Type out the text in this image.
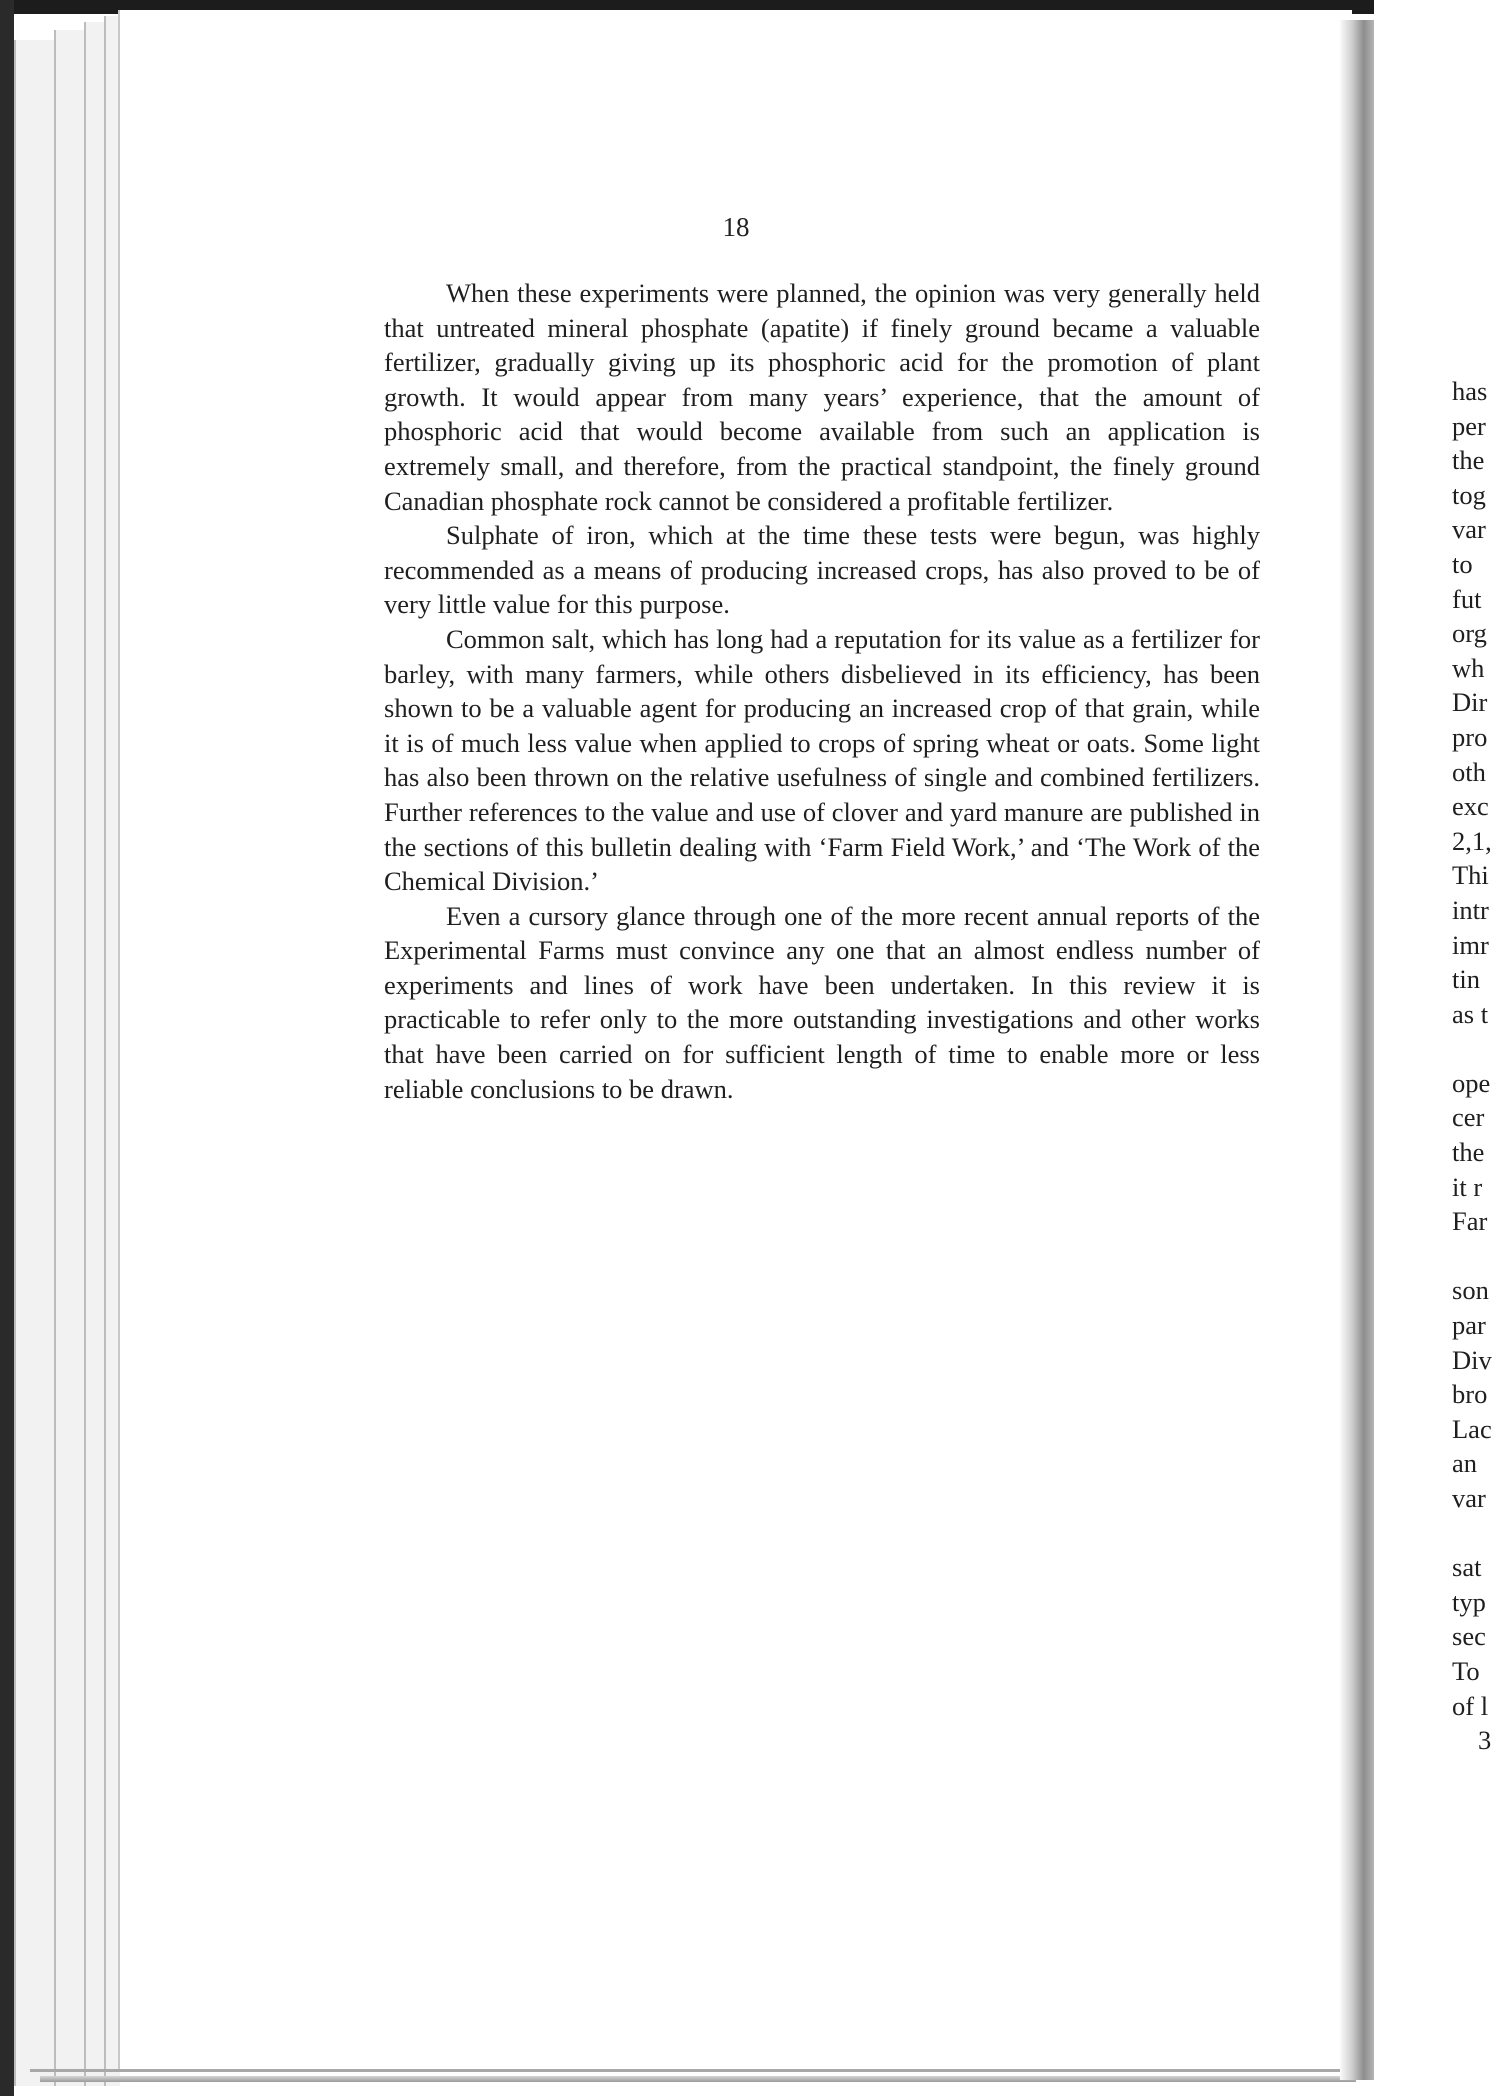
18

When these experiments were planned, the opinion was very generally held that untreated mineral phosphate (apatite) if finely ground became a valuable fertilizer, gradually giving up its phosphoric acid for the promotion of plant growth. It would appear from many years’ experience, that the amount of phosphoric acid that would become available from such an application is extremely small, and therefore, from the practical standpoint, the finely ground Canadian phosphate rock cannot be considered a profitable fertilizer.

Sulphate of iron, which at the time these tests were begun, was highly recommended as a means of producing increased crops, has also proved to be of very little value for this purpose.

Common salt, which has long had a reputation for its value as a fertilizer for barley, with many farmers, while others disbelieved in its efficiency, has been shown to be a valuable agent for producing an increased crop of that grain, while it is of much less value when applied to crops of spring wheat or oats. Some light has also been thrown on the relative usefulness of single and combined fertilizers. Further references to the value and use of clover and yard manure are published in the sections of this bulletin dealing with ‘Farm Field Work,’ and ‘The Work of the Chemical Division.’

Even a cursory glance through one of the more recent annual reports of the Experimental Farms must convince any one that an almost endless number of experiments and lines of work have been undertaken. In this review it is practicable to refer only to the more outstanding investigations and other works that have been carried on for sufficient length of time to enable more or less reliable conclusions to be drawn.

has
per
the
tog
var
to
fut
org
wh
Dir
pro
oth
exc
2,1,
Thi
intr
imr
tin
as t
ope
cer
the
it r
Far
son
par
Div
bro
Lac
an
var
sat
typ
sec
To
of l
3
